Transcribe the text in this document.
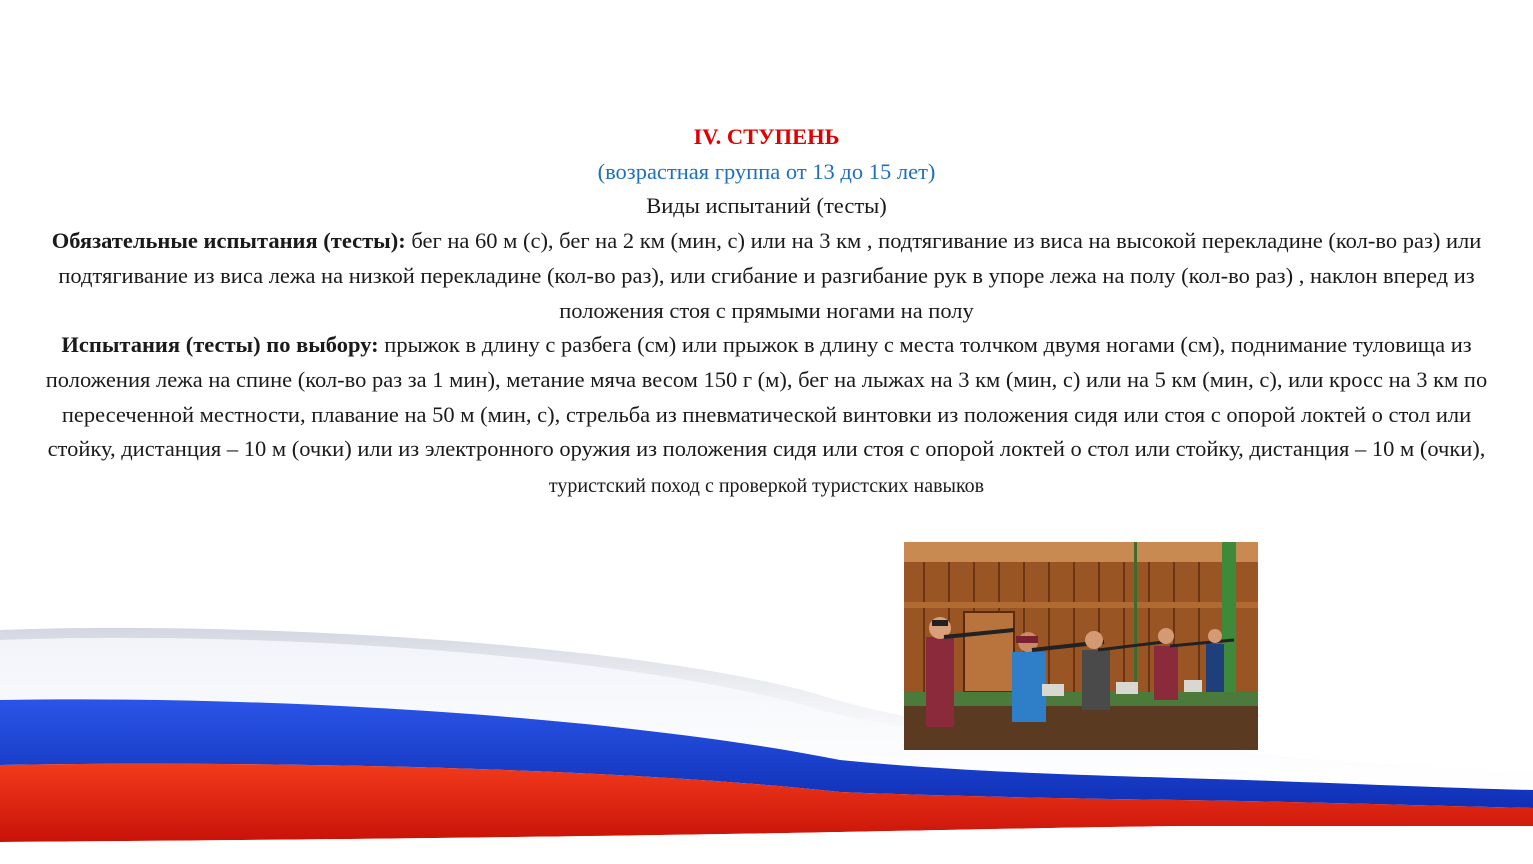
IV. СТУПЕНЬ

(возрастная группа от 13 до 15 лет)

Виды испытаний (тесты)

Обязательные испытания (тесты): бег на 60 м (с), бег на 2 км (мин, с) или на 3 км , подтягивание из виса на высокой перекладине (кол-во раз) или подтягивание из виса лежа на низкой перекладине (кол-во раз), или сгибание и разгибание рук в упоре лежа на полу (кол-во раз) , наклон вперед из положения стоя с прямыми ногами на полу

Испытания (тесты) по выбору: прыжок в длину с разбега (см) или прыжок в длину с места толчком двумя ногами (см), поднимание туловища из положения лежа на спине (кол-во раз за 1 мин), метание мяча весом 150 г (м), бег на лыжах на 3 км (мин, с) или на 5 км (мин, с), или кросс на 3 км по пересеченной местности, плавание на 50 м (мин, с), стрельба из пневматической винтовки из положения сидя или стоя с опорой локтей о стол или стойку, дистанция – 10 м (очки) или из электронного оружия из положения сидя или стоя с опорой локтей о стол или стойку, дистанция – 10 м (очки), туристский поход с проверкой туристских навыков
